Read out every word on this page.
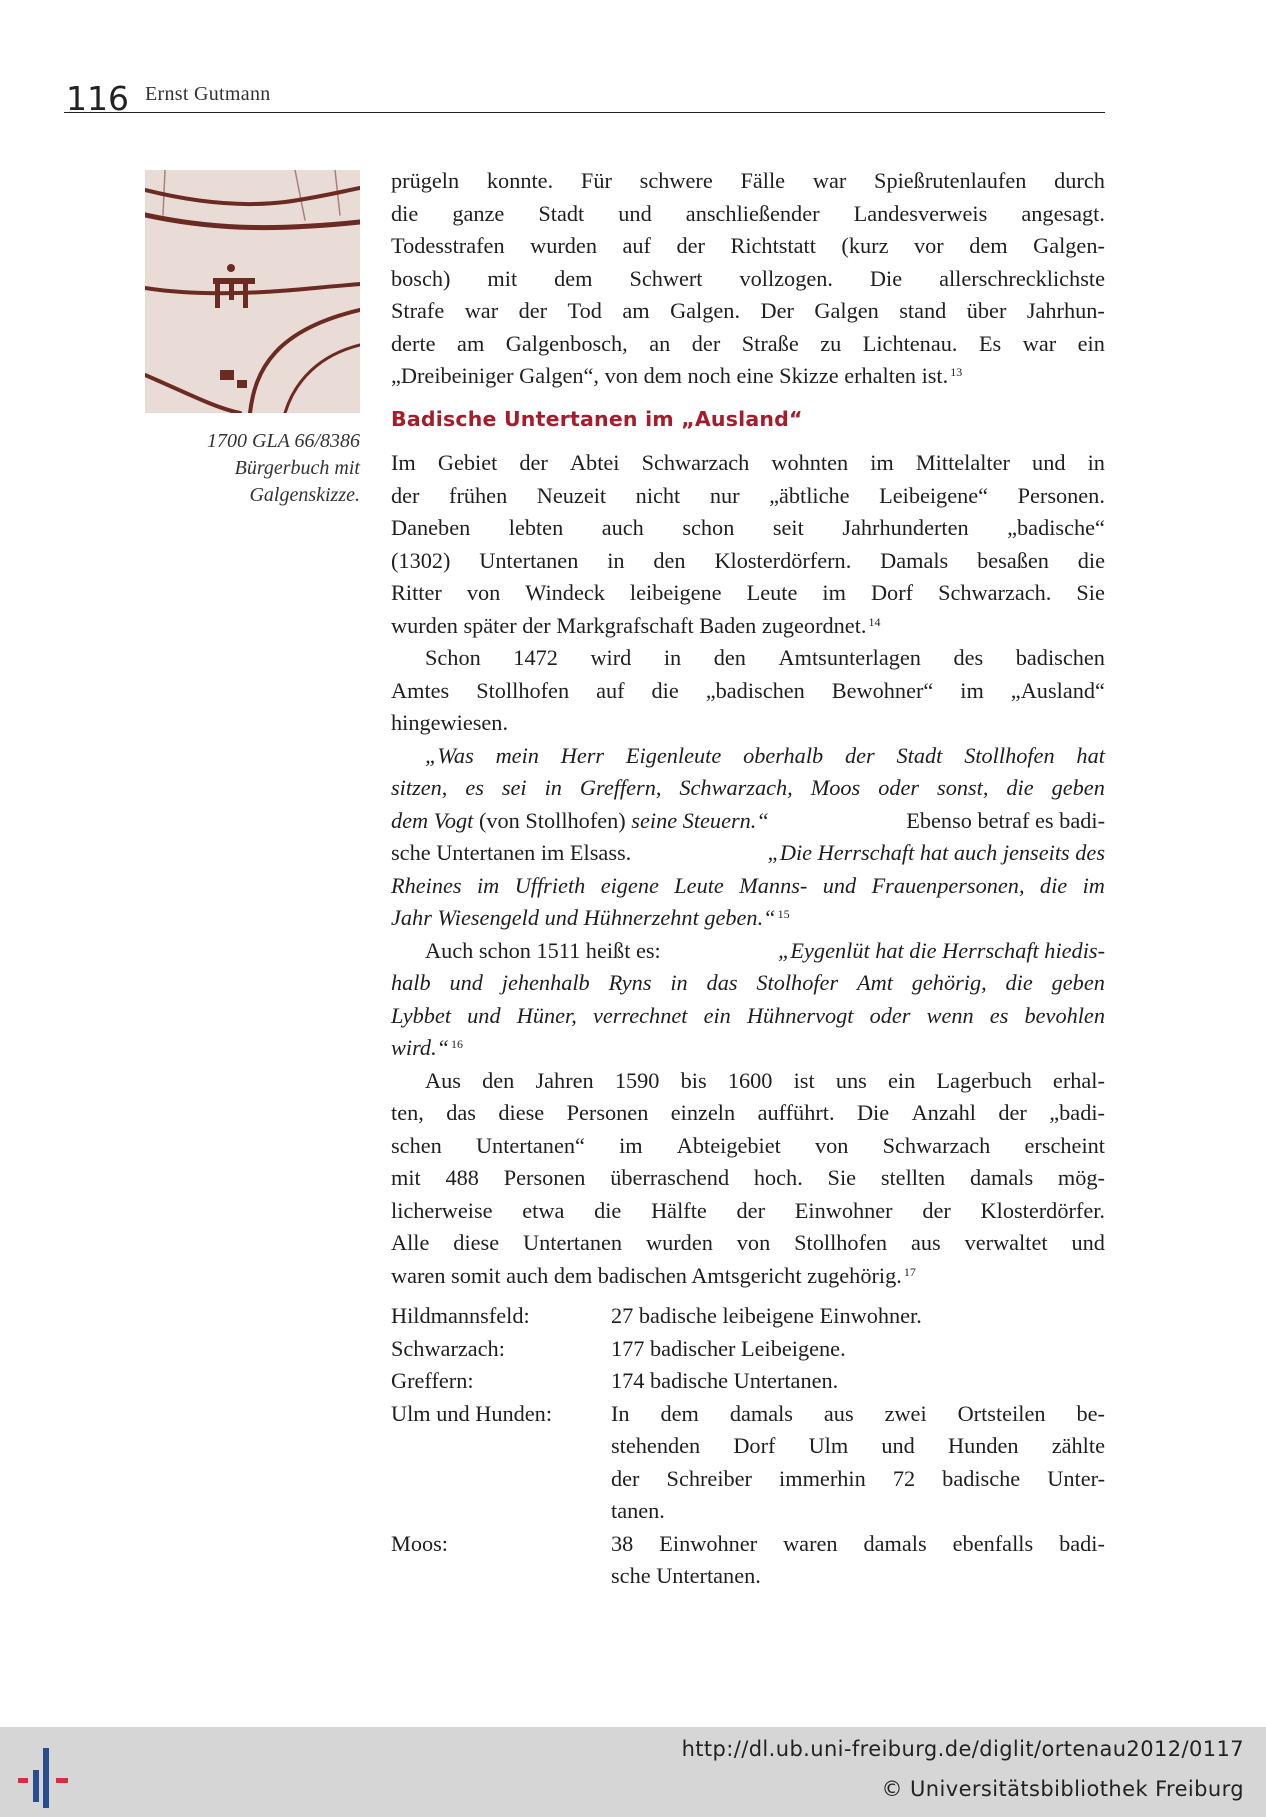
116 Ernst Gutmann
1700 GLA 66/8386
Bürgerbuch mit
Galgenskizze.
prügeln konnte. Für schwere Fälle war Spießrutenlaufen durch
die ganze Stadt und anschließender Landesverweis angesagt.
Todesstrafen wurden auf der Richtstatt (kurz vor dem Galgen-
bosch) mit dem Schwert vollzogen. Die allerschrecklichste
Strafe war der Tod am Galgen. Der Galgen stand über Jahrhun-
derte am Galgenbosch, an der Straße zu Lichtenau. Es war ein
„Dreibeiniger Galgen“, von dem noch eine Skizze erhalten ist.$^{13}$
Badische Untertanen im „Ausland“
Im Gebiet der Abtei Schwarzach wohnten im Mittelalter und in
der frühen Neuzeit nicht nur „äbtliche Leibeigene“ Personen.
Daneben lebten auch schon seit Jahrhunderten „badische“
(1302) Untertanen in den Klosterdörfern. Damals besaßen die
Ritter von Windeck leibeigene Leute im Dorf Schwarzach. Sie
wurden später der Markgrafschaft Baden zugeordnet.$^{14}$
Schon 1472 wird in den Amtsunterlagen des badischen
Amtes Stollhofen auf die „badischen Bewohner“ im „Ausland“
hingewiesen.
„Was mein Herr Eigenleute oberhalb der Stadt Stollhofen hat
sitzen, es sei in Greffern, Schwarzach, Moos oder sonst, die geben
dem Vogt (von Stollhofen) seine Steuern.“	Ebenso betraf es badi-
sche Untertanen im Elsass.	„Die Herrschaft hat auch jenseits des
Rheines im Uffrieth eigene Leute Manns- und Frauenpersonen, die im
Jahr Wiesengeld und Hühnerzehnt geben.“$^{15}$
Auch schon 1511 heißt es:	„Eygenlüt hat die Herrschaft hiedis-
halb und jehenhalb Ryns in das Stolhofer Amt gehörig, die geben
Lybbet und Hüner, verrechnet ein Hühnervogt oder wenn es bevohlen
wird.“$^{16}$
Aus den Jahren 1590 bis 1600 ist uns ein Lagerbuch erhal-
ten, das diese Personen einzeln aufführt. Die Anzahl der „badi-
schen Untertanen“ im Abteigebiet von Schwarzach erscheint
mit 488 Personen überraschend hoch. Sie stellten damals mög-
licherweise etwa die Hälfte der Einwohner der Klosterdörfer.
Alle diese Untertanen wurden von Stollhofen aus verwaltet und
waren somit auch dem badischen Amtsgericht zugehörig.$^{17}$
Hildmannsfeld:	27 badische leibeigene Einwohner.
Schwarzach:	177 badischer Leibeigene.
Greffern:	174 badische Untertanen.
Ulm und Hunden:	In dem damals aus zwei Ortsteilen be-
stehenden Dorf Ulm und Hunden zählte
der Schreiber immerhin 72 badische Unter-
tanen.
Moos:	38 Einwohner waren damals ebenfalls badi-
sche Untertanen.
http://dl.ub.uni-freiburg.de/diglit/ortenau2012/0117
© Universitätsbibliothek Freiburg
